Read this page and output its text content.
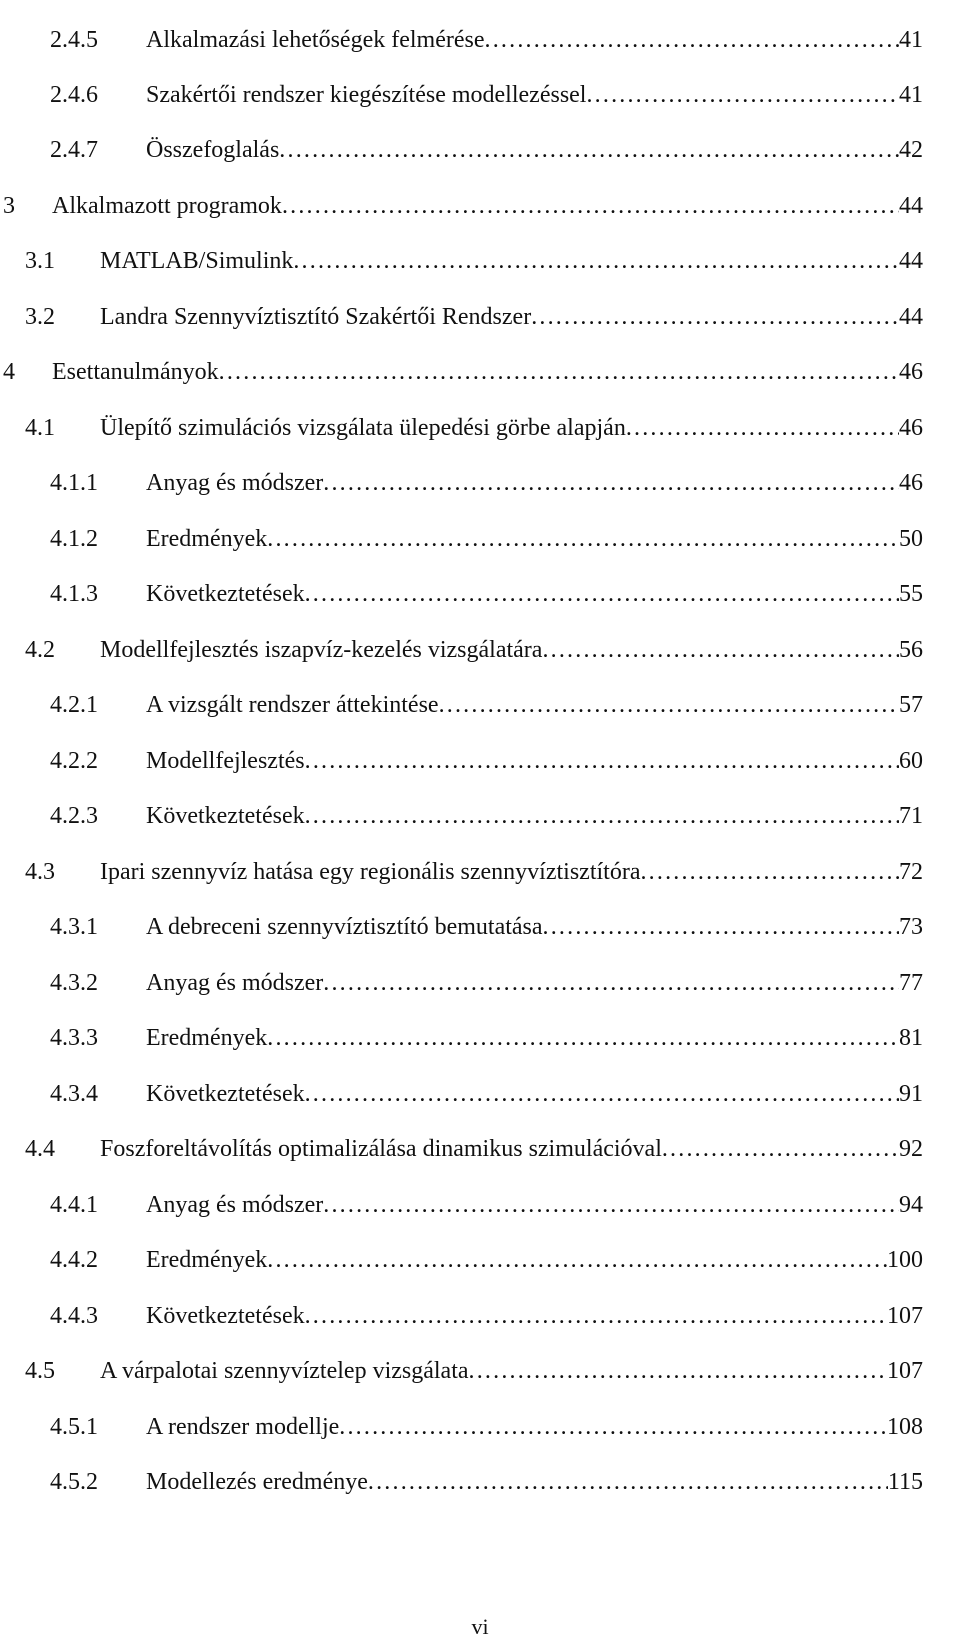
2.4.5	Alkalmazási lehetőségek felmérése . . .	41
2.4.6	Szakértői rendszer kiegészítése modellezéssel . . .	41
2.4.7	Összefoglalás . . .	42
3	Alkalmazott programok . . .	44
3.1	MATLAB/Simulink . . .	44
3.2	Landra Szennyvíztisztító Szakértői Rendszer . . .	44
4	Esettanulmányok . . .	46
4.1	Ülepítő szimulációs vizsgálata ülepedési görbe alapján . . .	46
4.1.1	Anyag és módszer . . .	46
4.1.2	Eredmények . . .	50
4.1.3	Következtetések . . .	55
4.2	Modellfejlesztés iszapvíz-kezelés vizsgálatára . . .	56
4.2.1	A vizsgált rendszer áttekintése . . .	57
4.2.2	Modellfejlesztés . . .	60
4.2.3	Következtetések . . .	71
4.3	Ipari szennyvíz hatása egy regionális szennyvíztisztítóra . . .	72
4.3.1	A debreceni szennyvíztisztító bemutatása . . .	73
4.3.2	Anyag és módszer . . .	77
4.3.3	Eredmények . . .	81
4.3.4	Következtetések . . .	91
4.4	Foszforeltávolítás optimalizálása dinamikus szimulációval . . .	92
4.4.1	Anyag és módszer . . .	94
4.4.2	Eredmények . . .	100
4.4.3	Következtetések . . .	107
4.5	A várpalotai szennyvíztelep vizsgálata . . .	107
4.5.1	A rendszer modellje . . .	108
4.5.2	Modellezés eredménye . . .	115
vi
